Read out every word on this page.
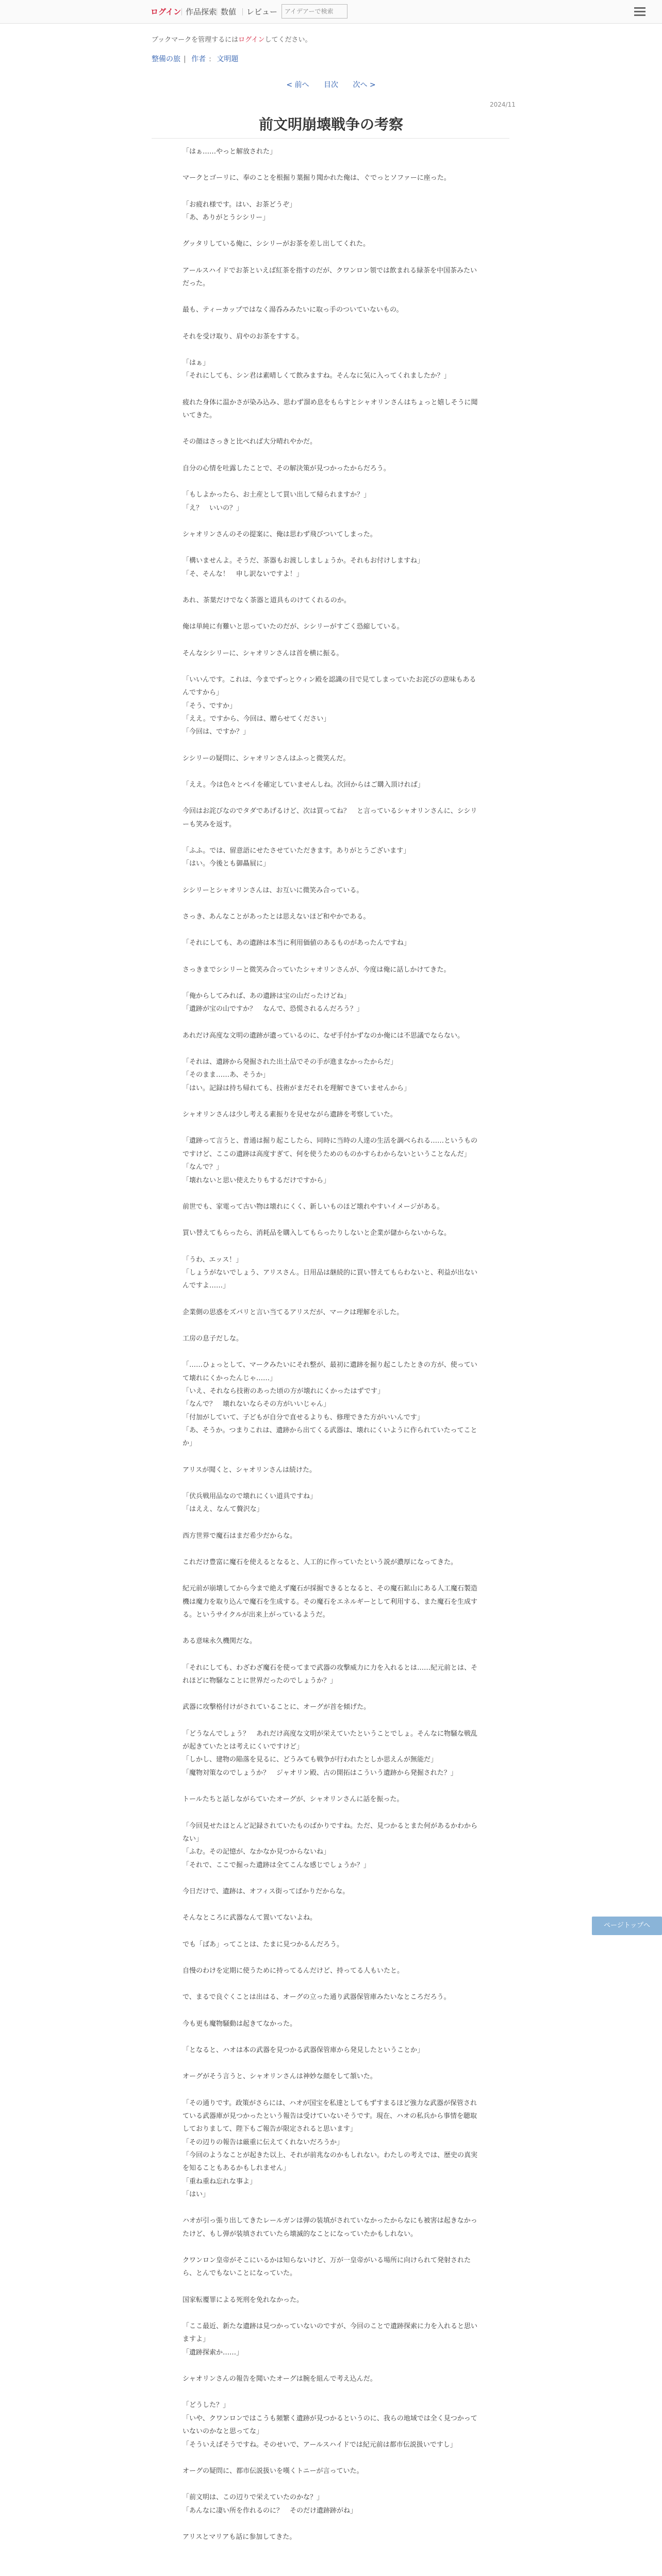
ログイン 作品探索 数値 レビュー	アイデアーで検索
ブックマークを管理するにはログインしてください。
整備の旅 | 作者 : 文明題
< 前へ 目次 次へ >
2024/11
前文明崩壊戦争の考察

「はぁ……やっと解放された」

マークとゴーリに、奉のことを根掘り葉掘り聞かれた俺は、ぐでっとソファーに座った。

「お疲れ様です。はい、お茶どうぞ」
「あ、ありがとうシシリー」

グッタリしている俺に、シシリーがお茶を差し出してくれた。

アールスハイドでお茶といえば紅茶を指すのだが、クワンロン領では飲まれる緑茶を中国茶みたいだった。

最も、ティーカップではなく湯呑みみたいに取っ手のついていないもの。

それを受け取り、肩やのお茶をすする。

「はぁ」
「それにしても、シン君は素晴しくて飲みますね。そんなに気に入ってくれましたか？」

疲れた身体に温かさが染み込み、思わず溜め息をもらすとシャオリンさんはちょっと嬉しそうに聞いてきた。

その顔はさっきと比べれば大分晴れやかだ。

自分の心情を吐露したことで、その解決策が見つかったからだろう。

「もしよかったら、お土産として買い出して帰られますか？」
「え？　いいの？」

シャオリンさんのその提案に、俺は思わず飛びついてしまった。

「構いませんよ。そうだ、茶器もお渡ししましょうか。それもお付けしますね」
「そ、そんな！　申し訳ないですよ！」

あれ、茶葉だけでなく茶器と道具ものけてくれるのか。

俺は単純に有難いと思っていたのだが、シシリーがすごく恐縮している。

そんなシシリーに、シャオリンさんは首を横に振る。

「いいんです。これは、今までずっとウィン殿を認識の目で見てしまっていたお詫びの意味もあるんですから」
「そう、ですか」
「ええ。ですから、今回は、贈らせてください」
「今回は、ですか？」

シシリーの疑問に、シャオリンさんはふっと微笑んだ。

「ええ。今は色々とペイを確定していませんしね。次回からはご購入頂ければ」

今回はお詫びなのでタダであげるけど、次は買ってね？　と言っているシャオリンさんに、シシリーも笑みを返す。

「ふふ。では、留意語にせたさせていただきます。ありがとうございます」
「はい。今後とも御贔屓に」

シシリーとシャオリンさんは、お互いに微笑み合っている。

さっき、あんなことがあったとは思えないほど和やかである。

「それにしても、あの遺跡は本当に利用価値のあるものがあったんですね」

さっきまでシシリーと微笑み合っていたシャオリンさんが、今度は俺に話しかけてきた。

「俺からしてみれば、あの遺跡は宝の山だったけどね」
「遺跡が宝の山ですか？　なんで、恐慌されるんだろう？」

あれだけ高度な文明の遺跡が遺っているのに、なぜ手付かずなのか俺には不思議でならない。

「それは、遺跡から発掘された出土品でその手が進まなかったからだ」
「そのまま……あ、そうか」
「はい。記録は持ち帰れても、技術がまだそれを理解できていませんから」

シャオリンさんは少し考える素振りを見せながら遺跡を考察していた。

「遺跡って言うと、普通は掘り起こしたら、同時に当時の人達の生活を調べられる……というものですけど、ここの遺跡は高度すぎて、何を使うためのものかすらわからないということなんだ」
「なんで？」
「壊れないと思い使えたりもするだけですから」

前世でも、家電って古い物は壊れにくく、新しいものほど壊れやすいイメージがある。

買い替えてもらったら、消耗品を購入してもらったりしないと企業が儲からないからな。

「うわ、エッス！」
「しょうがないでしょう、アリスさん。日用品は継続的に買い替えてもらわないと、利益が出ないんですよ……」

企業側の思惑をズバリと言い当てるアリスだが、マークは理解を示した。

工房の息子だしな。

「……ひょっとして、マークみたいにそれ整が、最初に遺跡を掘り起こしたときの方が、使っていて壊れにくかったんじゃ……」
「いえ、それなら技術のあった頃の方が壊れにくかったはずです」
「なんで？　壊れないならその方がいいじゃん」
「付加がしていて、子どもが自分で直せるよりも、修理できた方がいいんです」
「あ、そうか。つまりこれは、遺跡から出てくる武器は、壊れにくいように作られていたってことか」

アリスが聞くと、シャオリンさんは続けた。

「伏兵戦用品なので壊れにくい道具ですね」
「はええ、なんて贅沢な」

西方世界で魔石はまだ希少だからな。

これだけ豊富に魔石を使えるとなると、人工的に作っていたという説が濃厚になってきた。

紀元前が崩壊してから今まで絶えず魔石が採掘できるとなると、その魔石鉱山にある人工魔石製造機は魔力を取り込んで魔石を生成する。その魔石をエネルギーとして利用する、また魔石を生成する。というサイクルが出来上がっているようだ。

ある意味永久機関だな。

「それにしても、わざわざ魔石を使ってまで武器の攻撃威力に力を入れるとは……紀元前とは、それほどに物騒なことに世界だったのでしょうか？」

武器に攻撃格付けがされていることに、オーグが首を傾げた。

「どうなんでしょう？　あれだけ高度な文明が栄えていたということでしょ。そんなに物騒な戦乱が起きていたとは考えにくいですけど」
「しかし、建物の陥落を見るに、どうみても戦争が行われたとしか思えんが無能だ」
「魔物対策なのでしょうか？　ジャオリン殿、古の開拓はこういう遺跡から発掘された？」

トールたちと話しながらていたオーグが、シャオリンさんに話を振った。

「今回見せたほとんど記録されていたものばかりですね。ただ、見つかるとまた何があるかわからない」
「ふむ。その記憶が、なかなか見つからないね」
「それで、ここで掘った遺跡は全てこんな感じでしょうか？」

今日だけで、遺跡は、オフィス街ってばかりだからな。

そんなところに武器なんて置いてないよね。

でも「ばあ」ってことは、たまに見つかるんだろう。

自慢のわけを定期に使うために持ってるんだけど、持ってる人もいたと。

で、まるで良ぐくことは出はる、オーグの立った通り武器保管庫みたいなところだろう。

今も更も魔物騒動は起きてなかった。

「となると、ハオは本の武器を見つかる武器保管庫から発見したということか」

オーグがそう言うと、シャオリンさんは神妙な顔をして頷いた。

「その通りです。政策がさらには、ハオが国宝を私達としてもずすまるほど強力な武器が保管されている武器庫が見つかったという報告は受けていないそうです。現在、ハオの私兵から事情を聴取しておりまして、陛下もご報告が限定されると思います」
「その辺りの報告は厳重に伝えてくれないだろうか」
「今回のようなことが起きた以上、それが前兆なのかもしれない。わたしの考えでは、歴史の真実を知ることもあるかもしれません」
「重ね重ね忘れな事よ」
「はい」

ハオが引っ張り出してきたレールガンは弾の装填がされていなかったからなにも被害は起きなかったけど、もし弾が装填されていたら壊滅的なことになっていたかもしれない。

クワンロン皇帝がそこにいるかは知らないけど、万が一皇帝がいる場所に向けられて発射されたら、とんでもないことになっていた。

国家転覆罪による死刑を免れなかった。

「ここ最近、新たな遺跡は見つかっていないのですが、今回のことで遺跡探索に力を入れると思いますよ」
「遺跡探索か……」

シャオリンさんの報告を聞いたオーグは腕を組んで考え込んだ。

「どうした？」
「いや、クワンロンではこうも頻繁く遺跡が見つかるというのに、我らの地域では全く見つかっていないのかなと思ってな」
「そういえばそうですね。そのせいで、アールスハイドでは紀元前は都市伝説扱いですし」

オーグの疑問に、都市伝説扱いを嘆くトニーが言っていた。

「前文明は、この辺りで栄えていたのかな？」
「あんなに凄い所を作れるのに？　そのだけ遺跡跡がね」

アリスとマリアも話に参加してきた。

ページトップへ
